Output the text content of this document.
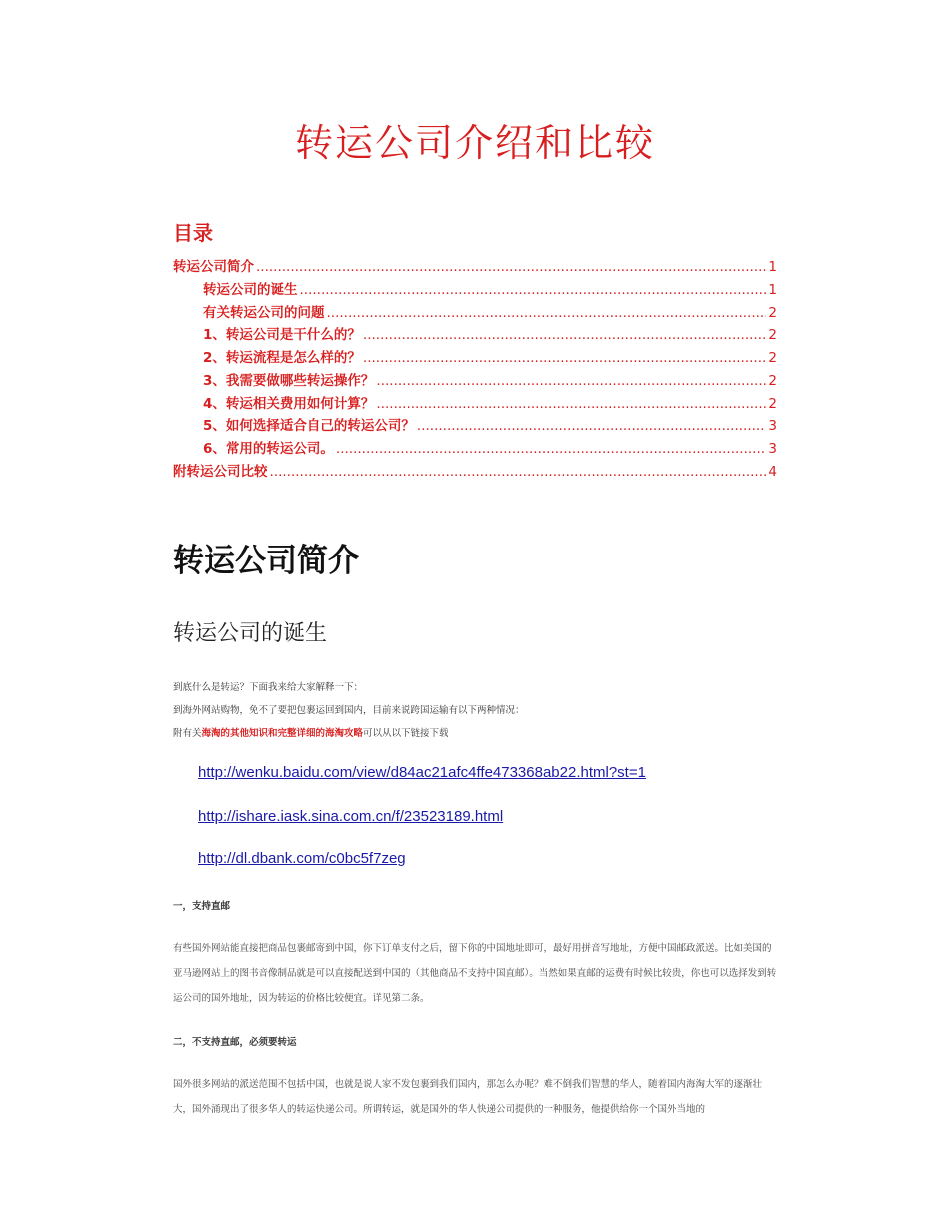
转运公司介绍和比较
目录
转运公司简介 .....	1
转运公司的诞生 .....	1
有关转运公司的问题 .....	2
1、转运公司是干什么的？ .....	2
2、转运流程是怎么样的？ .....	2
3、我需要做哪些转运操作？ .....	2
4、转运相关费用如何计算？ .....	2
5、如何选择适合自己的转运公司？ .....	3
6、常用的转运公司。 .....	3
附转运公司比较 .....	4
转运公司简介
转运公司的诞生
到底什么是转运？下面我来给大家解释一下：
到海外网站购物，免不了要把包裹运回到国内，目前来说跨国运输有以下两种情况：
附有关海淘的其他知识和完整详细的海淘攻略可以从以下链接下载
http://wenku.baidu.com/view/d84ac21afc4ffe473368ab22.html?st=1
http://ishare.iask.sina.com.cn/f/23523189.html
http://dl.dbank.com/c0bc5f7zeg
一，支持直邮
有些国外网站能直接把商品包裹邮寄到中国，你下订单支付之后，留下你的中国地址即可，最好用拼音写地址，方便中国邮政派送。比如美国的亚马逊网站上的图书音像制品就是可以直接配送到中国的（其他商品不支持中国直邮）。当然如果直邮的运费有时候比较贵，你也可以选择发到转运公司的国外地址，因为转运的价格比较便宜。详见第二条。
二，不支持直邮，必须要转运
国外很多网站的派送范围不包括中国，也就是说人家不发包裹到我们国内，那怎么办呢？难不倒我们智慧的华人，随着国内海淘大军的逐渐壮大，国外涌现出了很多华人的转运快递公司。所谓转运，就是国外的华人快递公司提供的一种服务，他提供给你一个国外当地的
